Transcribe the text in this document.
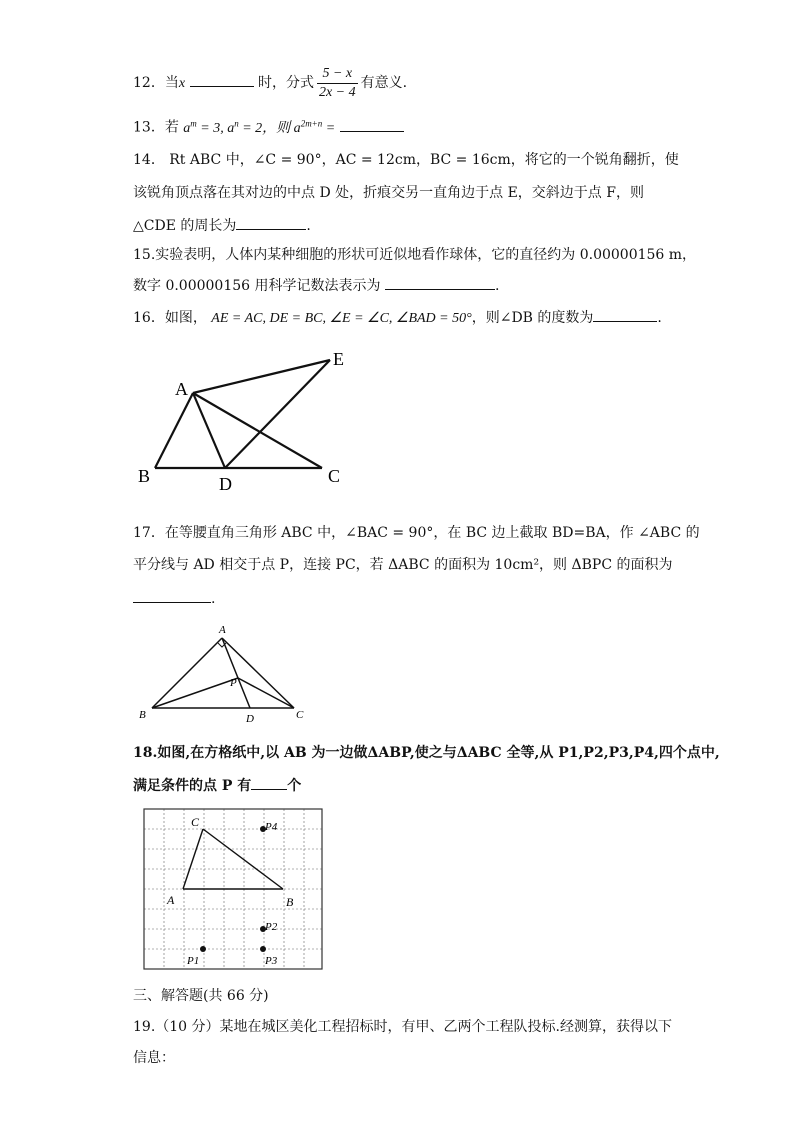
12．当x	时，分式 $\frac{5 - x}{2x - 4}$ 有意义.
13．若 $a^m = 3$, $a^n = 2$，则 $a^{2m+n}$ =
14． Rt ABC 中，∠C = 90°，AC = 12cm，BC = 16cm，将它的一个锐角翻折，使
该锐角顶点落在其对边的中点 D 处，折痕交另一直角边于点 E，交斜边于点 F，则
△CDE 的周长为	.
15.实验表明，人体内某种细胞的形状可近似地看作球体，它的直径约为 0.00000156 m，
数字 0.00000156 用科学记数法表示为	.
16．如图， AE = AC, DE = BC, ∠E = ∠C, ∠BAD = 50°，则∠DB 的度数为	.
A
E
B	D	C
17．在等腰直角三角形 ABC 中，∠BAC = 90°，在 BC 边上截取 BD=BA，作 ∠ABC 的
平分线与 AD 相交于点 P，连接 PC，若 ΔABC 的面积为 10cm²，则 ΔBPC 的面积为
.
A
B	C
D
P
18.如图,在方格纸中,以 AB 为一边做ΔABP,使之与ΔABC 全等,从 P1,P2,P3,P4,四个点中,
满足条件的点 P 有	个
C
A	B
P4
P2
P1	P3
三、解答题(共 66 分)
19.（10 分）某地在城区美化工程招标时，有甲、乙两个工程队投标.经测算，获得以下
信息：
